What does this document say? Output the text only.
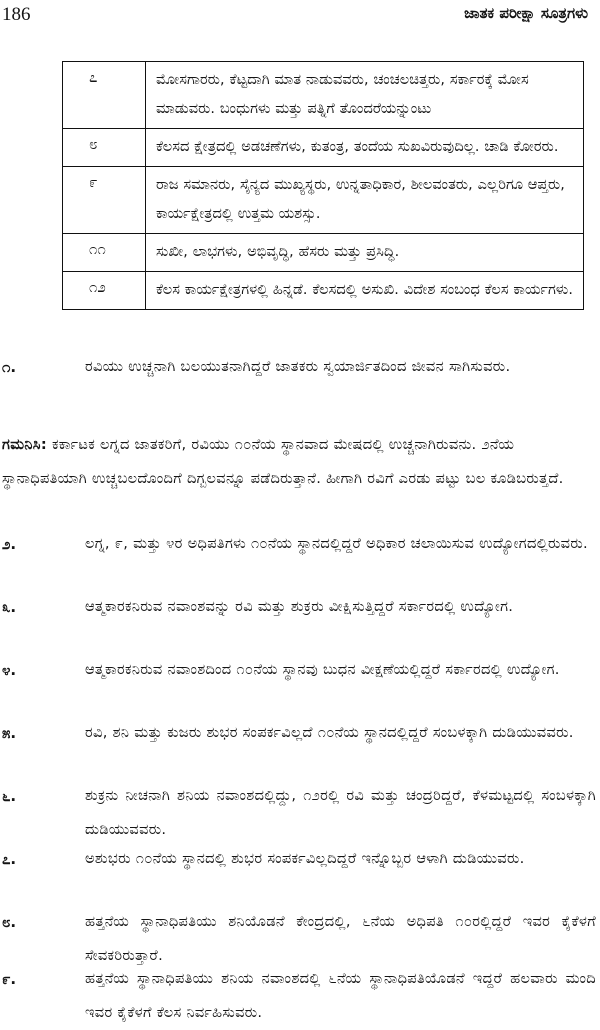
186	ಜಾತಕ ಪರೀಕ್ಷಾ ಸೂತ್ರಗಳು
೭	ಮೋಸಗಾರರು, ಕೆಟ್ಟದಾಗಿ ಮಾತ ನಾಡುವವರು, ಚಂಚಲಚಿತ್ತರು, ಸರ್ಕಾರಕ್ಕೆ ಮೋಸ ಮಾಡುವರು. ಬಂಧುಗಳು ಮತ್ತು ಪತ್ನಿಗೆ ತೊಂದರೆಯನ್ನುಂಟು
೮	ಕೆಲಸದ ಕ್ಷೇತ್ರದಲ್ಲಿ ಅಡಚಣೆಗಳು, ಕುತಂತ್ರ, ತಂದೆಯ ಸುಖವಿರುವುದಿಲ್ಲ. ಚಾಡಿ ಕೋರರು.
೯	ರಾಜ ಸಮಾನರು, ಸೈನ್ಯದ ಮುಖ್ಯಸ್ಥರು, ಉನ್ನತಾಧಿಕಾರ, ಶೀಲವಂತರು, ಎಲ್ಲರಿಗೂ ಆಪ್ತರು, ಕಾರ್ಯಕ್ಷೇತ್ರದಲ್ಲಿ ಉತ್ತಮ ಯಶಸ್ಸು.
೧೧	ಸುಖೀ, ಲಾಭಗಳು, ಅಭಿವೃದ್ಧಿ, ಹೆಸರು ಮತ್ತು ಪ್ರಸಿದ್ಧಿ.
೧೨	ಕೆಲಸ ಕಾರ್ಯಕ್ಷೇತ್ರಗಳಲ್ಲಿ ಹಿನ್ನಡೆ. ಕೆಲಸದಲ್ಲಿ ಅಸುಖಿ. ವಿದೇಶ ಸಂಬಂಧ ಕೆಲಸ ಕಾರ್ಯಗಳು.
೧.	ರವಿಯು ಉಚ್ಚನಾಗಿ ಬಲಯುತನಾಗಿದ್ದರೆ ಜಾತಕರು ಸ್ವಯಾರ್ಜಿತದಿಂದ ಜೀವನ ಸಾಗಿಸುವರು.
ಗಮನಿಸಿ: ಕರ್ಕಾಟಕ ಲಗ್ನದ ಜಾತಕರಿಗೆ, ರವಿಯು ೧೦ನೆಯ ಸ್ಥಾನವಾದ ಮೇಷದಲ್ಲಿ ಉಚ್ಚನಾಗಿರುವನು. ೨ನೆಯ ಸ್ಥಾನಾಧಿಪತಿಯಾಗಿ ಉಚ್ಚಬಲದೊಂದಿಗೆ ದಿಗ್ಬಲವನ್ನೂ ಪಡೆದಿರುತ್ತಾನೆ. ಹೀಗಾಗಿ ರವಿಗೆ ಎರಡು ಪಟ್ಟು ಬಲ ಕೂಡಿಬರುತ್ತದೆ.
೨.	ಲಗ್ನ, ೯, ಮತ್ತು ೪ರ ಅಧಿಪತಿಗಳು ೧೦ನೆಯ ಸ್ಥಾನದಲ್ಲಿದ್ದರೆ ಅಧಿಕಾರ ಚಲಾಯಿಸುವ ಉದ್ಯೋಗದಲ್ಲಿರುವರು.
೩.	ಆತ್ಮಕಾರಕನಿರುವ ನವಾಂಶವನ್ನು ರವಿ ಮತ್ತು ಶುಕ್ರರು ವೀಕ್ಷಿಸುತ್ತಿದ್ದರೆ ಸರ್ಕಾರದಲ್ಲಿ ಉದ್ಯೋಗ.
೪.	ಆತ್ಮಕಾರಕನಿರುವ ನವಾಂಶದಿಂದ ೧೦ನೆಯ ಸ್ಥಾನವು ಬುಧನ ವೀಕ್ಷಣೆಯಲ್ಲಿದ್ದರೆ ಸರ್ಕಾರದಲ್ಲಿ ಉದ್ಯೋಗ.
೫.	ರವಿ, ಶನಿ ಮತ್ತು ಕುಜರು ಶುಭರ ಸಂಪರ್ಕವಿಲ್ಲದೆ ೧೦ನೆಯ ಸ್ಥಾನದಲ್ಲಿದ್ದರೆ ಸಂಬಳಕ್ಕಾಗಿ ದುಡಿಯುವವರು.
೬.	ಶುಕ್ರನು ನೀಚನಾಗಿ ಶನಿಯ ನವಾಂಶದಲ್ಲಿದ್ದು, ೧೨ರಲ್ಲಿ ರವಿ ಮತ್ತು ಚಂದ್ರರಿದ್ದರೆ, ಕೆಳಮಟ್ಟದಲ್ಲಿ ಸಂಬಳಕ್ಕಾಗಿ ದುಡಿಯುವವರು.
೭.	ಅಶುಭರು ೧೦ನೆಯ ಸ್ಥಾನದಲ್ಲಿ ಶುಭರ ಸಂಪರ್ಕವಿಲ್ಲದಿದ್ದರೆ ಇನ್ನೊಬ್ಬರ ಆಳಾಗಿ ದುಡಿಯುವರು.
೮.	ಹತ್ತನೆಯ ಸ್ಥಾನಾಧಿಪತಿಯು ಶನಿಯೊಡನೆ ಕೇಂದ್ರದಲ್ಲಿ, ೬ನೆಯ ಅಧಿಪತಿ ೧೦ರಲ್ಲಿದ್ದರೆ ಇವರ ಕೈಕೆಳಗೆ ಸೇವಕರಿರುತ್ತಾರೆ.
೯.	ಹತ್ತನೆಯ ಸ್ಥಾನಾಧಿಪತಿಯು ಶನಿಯ ನವಾಂಶದಲ್ಲಿ ೬ನೆಯ ಸ್ಥಾನಾಧಿಪತಿಯೊಡನೆ ಇದ್ದರೆ ಹಲವಾರು ಮಂದಿ ಇವರ ಕೈಕೆಳಗೆ ಕೆಲಸ ನಿರ್ವಹಿಸುವರು.
